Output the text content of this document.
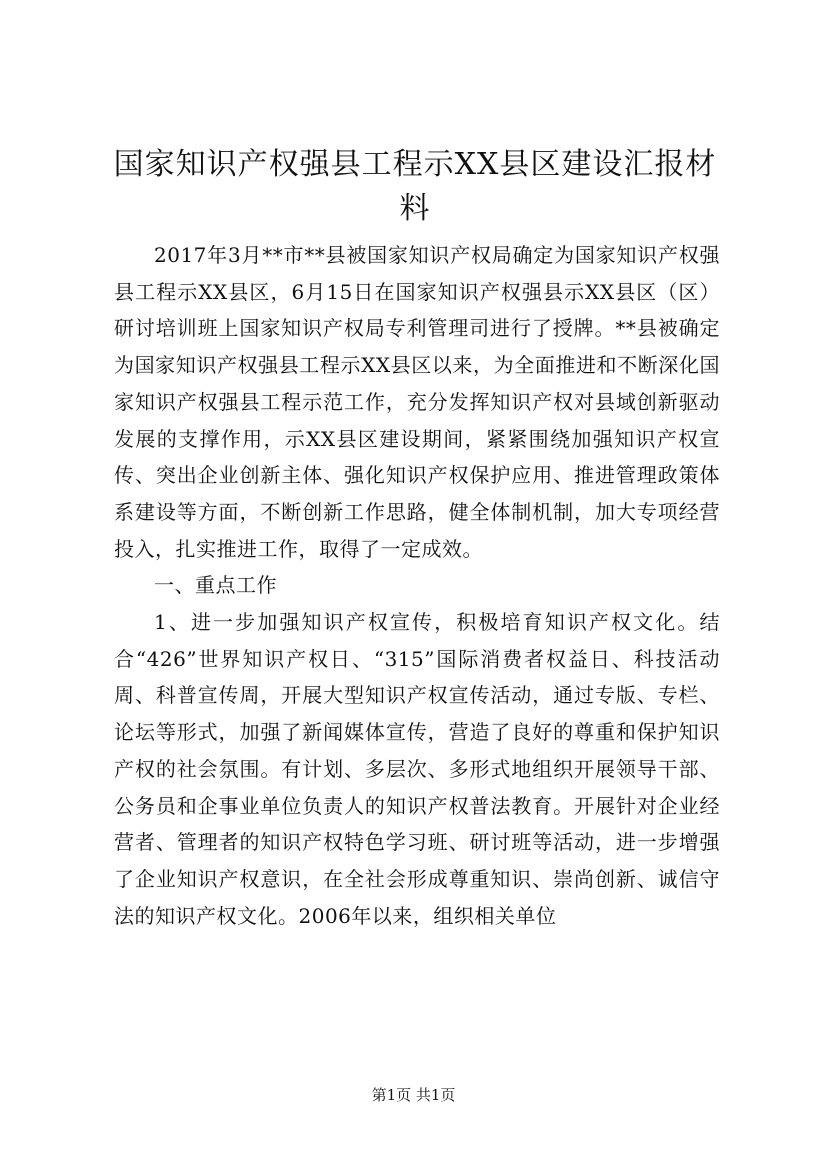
国家知识产权强县工程示XX县区建设汇报材料

2017年3月**市**县被国家知识产权局确定为国家知识产权强县工程示XX县区，6月15日在国家知识产权强县示XX县区（区）研讨培训班上国家知识产权局专利管理司进行了授牌。**县被确定为国家知识产权强县工程示XX县区以来，为全面推进和不断深化国家知识产权强县工程示范工作，充分发挥知识产权对县域创新驱动发展的支撑作用，示XX县区建设期间，紧紧围绕加强知识产权宣传、突出企业创新主体、强化知识产权保护应用、推进管理政策体系建设等方面，不断创新工作思路，健全体制机制，加大专项经营投入，扎实推进工作，取得了一定成效。

一、重点工作

1、进一步加强知识产权宣传，积极培育知识产权文化。结合“426”世界知识产权日、“315”国际消费者权益日、科技活动周、科普宣传周，开展大型知识产权宣传活动，通过专版、专栏、论坛等形式，加强了新闻媒体宣传，营造了良好的尊重和保护知识产权的社会氛围。有计划、多层次、多形式地组织开展领导干部、公务员和企事业单位负责人的知识产权普法教育。开展针对企业经营者、管理者的知识产权特色学习班、研讨班等活动，进一步增强了企业知识产权意识，在全社会形成尊重知识、崇尚创新、诚信守法的知识产权文化。2006年以来，组织相关单位

第1页 共1页
